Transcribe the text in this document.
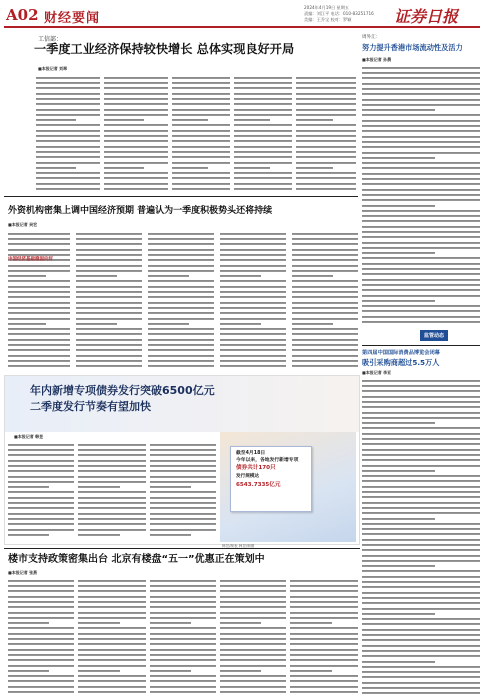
A02 财经要闻
2024年4月19日 星期五
责编：刘江平 电话：010-83251716
美编：王乔宝 校对：罗颖	证券日报
工信部：
一季度工业经济保持较快增长 总体实现良好开局
■本报记者 刘翠
周外汇：
努力提升香港市场流动性及活力
■本报记者 孙晨
监管动态
外资机构密集上调中国经济预期 普遍认为一季度积极势头还将持续
■本报记者 吴宏
中国经济基础稳固向好
第四届中国国际消费品博览会闭幕
吸引采购商超过5.5万人
■本报记者 李亚
年内新增专项债券发行突破6500亿元
二季度发行节奏有望加快
■本报记者 韩昱
截至4月18日
今年以来，各地发行新增专项
债券共计170只
发行规模达
6543.7335亿元
韩昱/制表 韩昱/制图
楼市支持政策密集出台 北京有楼盘“五一”优惠正在策划中
■本报记者 张燕
